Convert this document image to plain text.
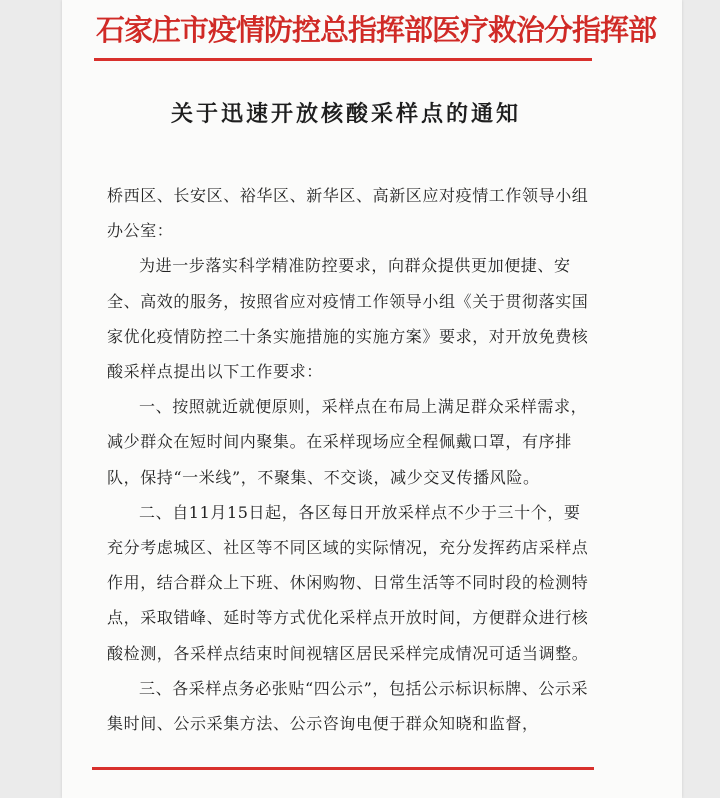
石家庄市疫情防控总指挥部医疗救治分指挥部
关于迅速开放核酸采样点的通知

桥西区、长安区、裕华区、新华区、高新区应对疫情工作领导小组办公室：

为进一步落实科学精准防控要求，向群众提供更加便捷、安全、高效的服务，按照省应对疫情工作领导小组《关于贯彻落实国家优化疫情防控二十条实施措施的实施方案》要求，对开放免费核酸采样点提出以下工作要求：

一、按照就近就便原则，采样点在布局上满足群众采样需求，减少群众在短时间内聚集。在采样现场应全程佩戴口罩，有序排队，保持“一米线”，不聚集、不交谈，减少交叉传播风险。

二、自11月15日起，各区每日开放采样点不少于三十个，要充分考虑城区、社区等不同区域的实际情况，充分发挥药店采样点作用，结合群众上下班、休闲购物、日常生活等不同时段的检测特点，采取错峰、延时等方式优化采样点开放时间，方便群众进行核酸检测，各采样点结束时间视辖区居民采样完成情况可适当调整。

三、各采样点务必张贴“四公示”，包括公示标识标牌、公示采集时间、公示采集方法、公示咨询电便于群众知晓和监督，
